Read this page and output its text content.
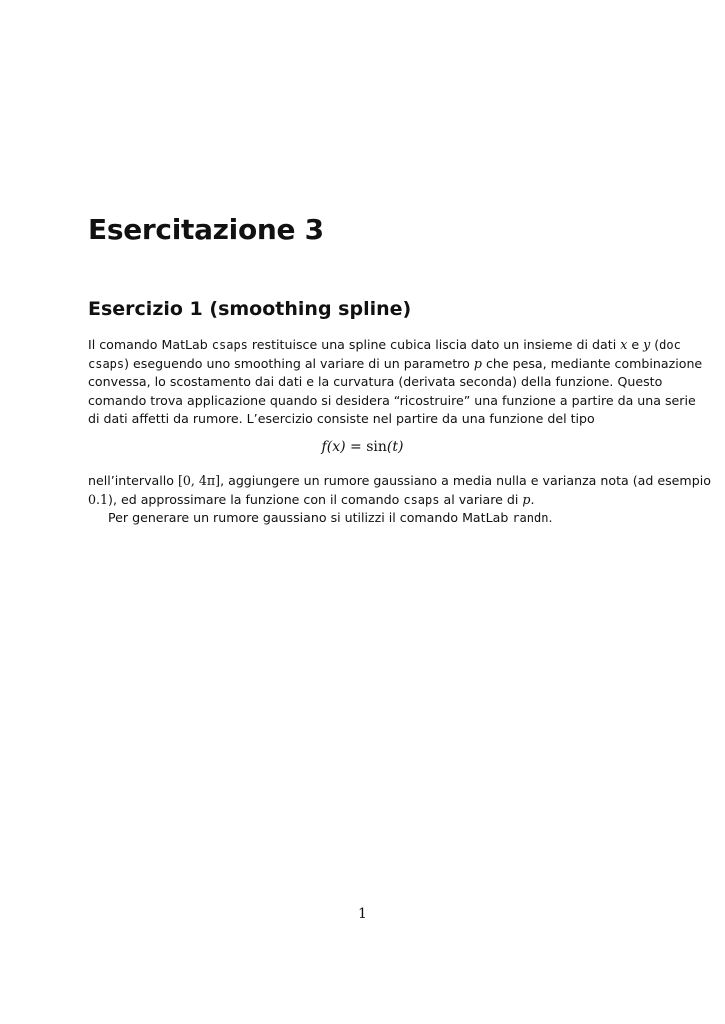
Esercitazione 3
Esercizio 1 (smoothing spline)

Il comando MatLab csaps restituisce una spline cubica liscia dato un insieme di dati x e y (doc
csaps) eseguendo uno smoothing al variare di un parametro p che pesa, mediante combinazione
convessa, lo scostamento dai dati e la curvatura (derivata seconda) della funzione. Questo
comando trova applicazione quando si desidera “ricostruire” una funzione a partire da una serie
di dati affetti da rumore. L’esercizio consiste nel partire da una funzione del tipo

f(x) = sin(t)

nell’intervallo [0, 4π], aggiungere un rumore gaussiano a media nulla e varianza nota (ad esempio
0.1), ed approssimare la funzione con il comando csaps al variare di p.

Per generare un rumore gaussiano si utilizzi il comando MatLab randn.

1
